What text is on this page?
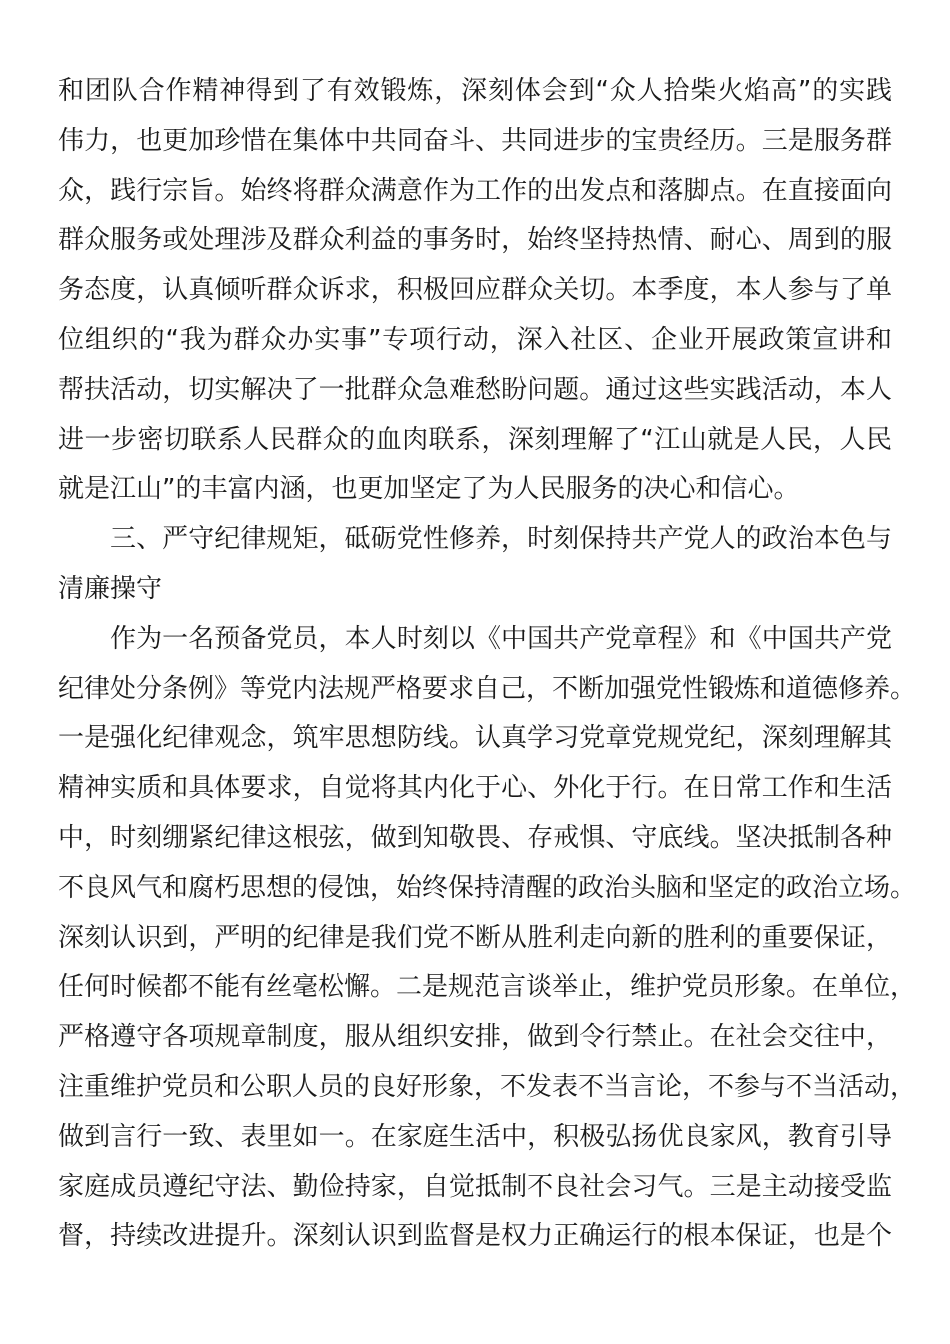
和团队合作精神得到了有效锻炼，深刻体会到“众人拾柴火焰高”的实践
伟力，也更加珍惜在集体中共同奋斗、共同进步的宝贵经历。三是服务群
众，践行宗旨。始终将群众满意作为工作的出发点和落脚点。在直接面向
群众服务或处理涉及群众利益的事务时，始终坚持热情、耐心、周到的服
务态度，认真倾听群众诉求，积极回应群众关切。本季度，本人参与了单
位组织的“我为群众办实事”专项行动，深入社区、企业开展政策宣讲和
帮扶活动，切实解决了一批群众急难愁盼问题。通过这些实践活动，本人
进一步密切联系人民群众的血肉联系，深刻理解了“江山就是人民，人民
就是江山”的丰富内涵，也更加坚定了为人民服务的决心和信心。
三、严守纪律规矩，砥砺党性修养，时刻保持共产党人的政治本色与
清廉操守
作为一名预备党员，本人时刻以《中国共产党章程》和《中国共产党
纪律处分条例》等党内法规严格要求自己，不断加强党性锻炼和道德修养。
一是强化纪律观念，筑牢思想防线。认真学习党章党规党纪，深刻理解其
精神实质和具体要求，自觉将其内化于心、外化于行。在日常工作和生活
中，时刻绷紧纪律这根弦，做到知敬畏、存戒惧、守底线。坚决抵制各种
不良风气和腐朽思想的侵蚀，始终保持清醒的政治头脑和坚定的政治立场。
深刻认识到，严明的纪律是我们党不断从胜利走向新的胜利的重要保证，
任何时候都不能有丝毫松懈。二是规范言谈举止，维护党员形象。在单位，
严格遵守各项规章制度，服从组织安排，做到令行禁止。在社会交往中，
注重维护党员和公职人员的良好形象，不发表不当言论，不参与不当活动，
做到言行一致、表里如一。在家庭生活中，积极弘扬优良家风，教育引导
家庭成员遵纪守法、勤俭持家，自觉抵制不良社会习气。三是主动接受监
督，持续改进提升。深刻认识到监督是权力正确运行的根本保证，也是个
